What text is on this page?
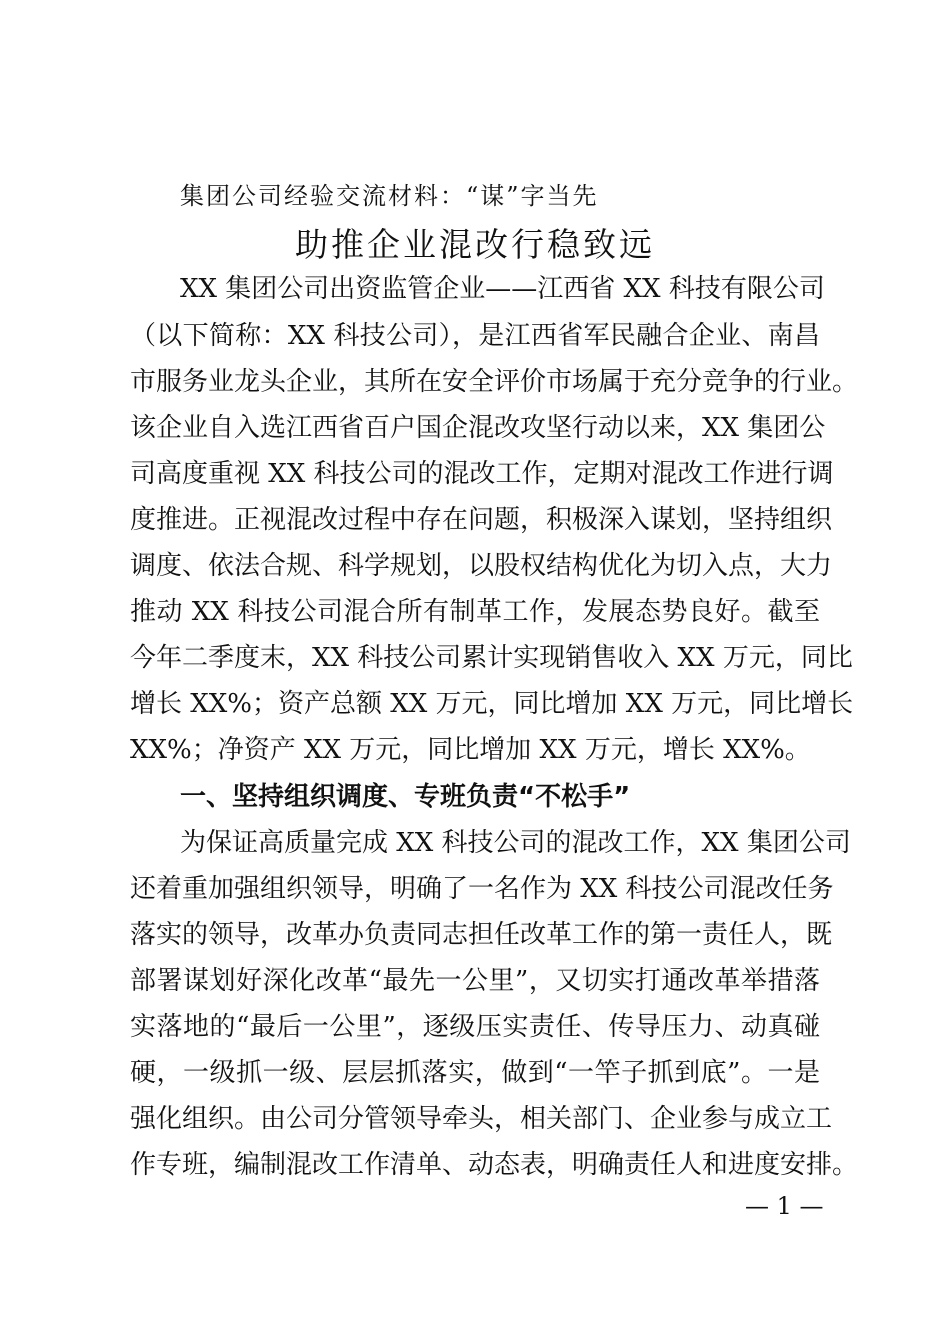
集团公司经验交流材料：“谋”字当先
助推企业混改行稳致远
XX 集团公司出资监管企业——江西省 XX 科技有限公司
（以下简称：XX 科技公司），是江西省军民融合企业、南昌
市服务业龙头企业，其所在安全评价市场属于充分竞争的行业。
该企业自入选江西省百户国企混改攻坚行动以来，XX 集团公
司高度重视 XX 科技公司的混改工作，定期对混改工作进行调
度推进。正视混改过程中存在问题，积极深入谋划，坚持组织
调度、依法合规、科学规划，以股权结构优化为切入点，大力
推动 XX 科技公司混合所有制革工作，发展态势良好。截至
今年二季度末，XX 科技公司累计实现销售收入 XX 万元，同比
增长 XX%；资产总额 XX 万元，同比增加 XX 万元，同比增长
XX%；净资产 XX 万元，同比增加 XX 万元，增长 XX%。
一、坚持组织调度、专班负责“不松手”
为保证高质量完成 XX 科技公司的混改工作，XX 集团公司
还着重加强组织领导，明确了一名作为 XX 科技公司混改任务
落实的领导，改革办负责同志担任改革工作的第一责任人，既
部署谋划好深化改革“最先一公里”，又切实打通改革举措落
实落地的“最后一公里”，逐级压实责任、传导压力、动真碰
硬，一级抓一级、层层抓落实，做到“一竿子抓到底”。一是
强化组织。由公司分管领导牵头，相关部门、企业参与成立工
作专班，编制混改工作清单、动态表，明确责任人和进度安排。
— 1 —
